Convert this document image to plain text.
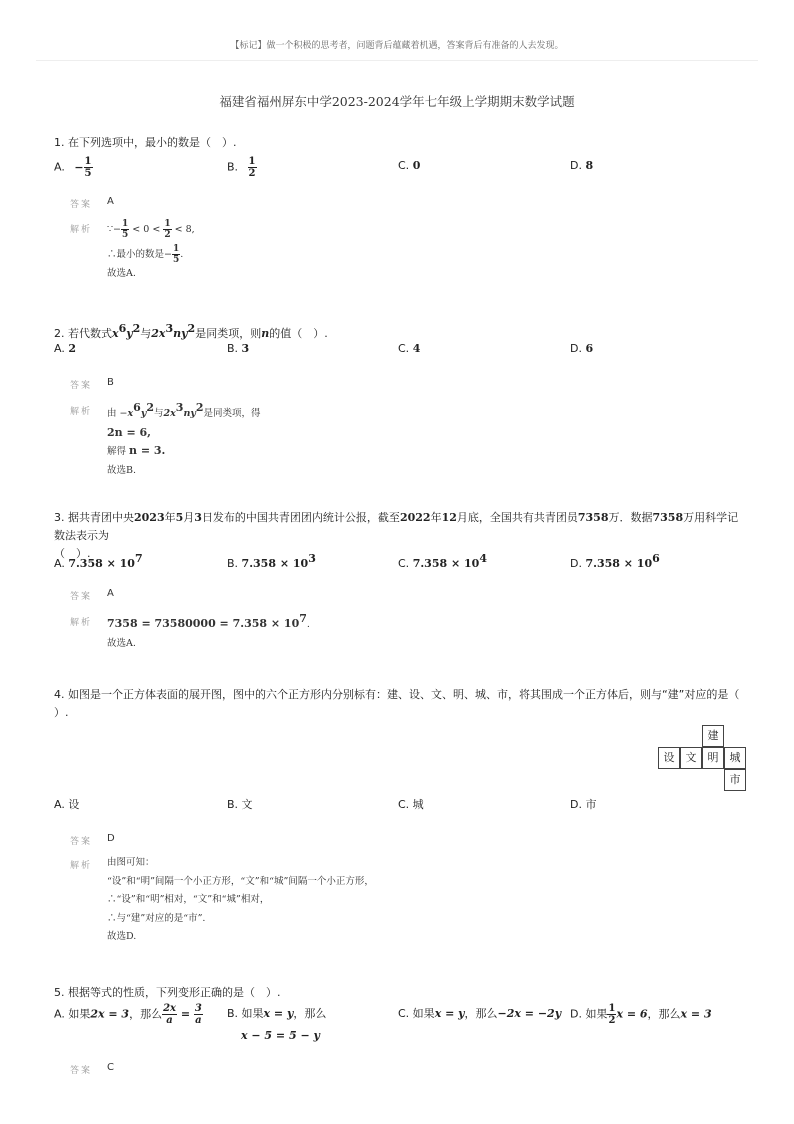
【标记】做一个积极的思考者，问题背后蕴藏着机遇，答案背后有准备的人去发现。
福建省福州屏东中学2023-2024学年七年级上学期期末数学试题
1. 在下列选项中，最小的数是（　）.
A. − $\frac{1}{5}$	B. $\frac{1}{2}$	C. 0	D. 8
答案 A
解析 ∵− $\frac{1}{5} < 0 < \frac{1}{2} < 8$,
∴最小的数是− $\frac{1}{5}$ .
故选A.
2. 若代数式$x^6y^2$与$2x^3ny^2$是同类项，则n的值（　）.
A. 2	B. 3	C. 4	D. 6
答案 B
解析 由 $-x^6y^2$与$2x^3ny^2$是同类项，得
2n = 6,
解得 n = 3.
故选B.
3. 据共青团中央2023年5月3日发布的中国共青团团内统计公报，截至2022年12月底，全国共有共青团员7358万．数据7358万用科学记数法表示为
（　）.
A. $7.358 \times 10^7$	B. $7.358 \times 10^3$	C. $7.358 \times 10^4$	D. $7.358 \times 10^6$
答案 A
解析 $7358 = 73580000 = 7.358 \times 10^7$.
故选A.
4. 如图是一个正方体表面的展开图，图中的六个正方形内分别标有：建、设、文、明、城、市，将其围成一个正方体后，则与“建”对应的是（
）.
建
设	文	明	城
市
A. 设	B. 文	C. 城	D. 市
答案 D
解析 由图可知：
“设”和“明”间隔一个小正方形，“文”和“城”间隔一个小正方形，
∴“设”和“明”相对，“文”和“城”相对，
∴与“建”对应的是“市”.
故选D.
5. 根据等式的性质，下列变形正确的是（　）.
A. 如果2x = 3，那么 $\frac{2x}{a} = \frac{3}{a} B$. 如果x = y，那么
x − 5 = 5 − y
C. 如果x = y，那么−2x = −2y D. 如果 $\frac{1}{2}$ x = 6，那么x = 3
答案 C
